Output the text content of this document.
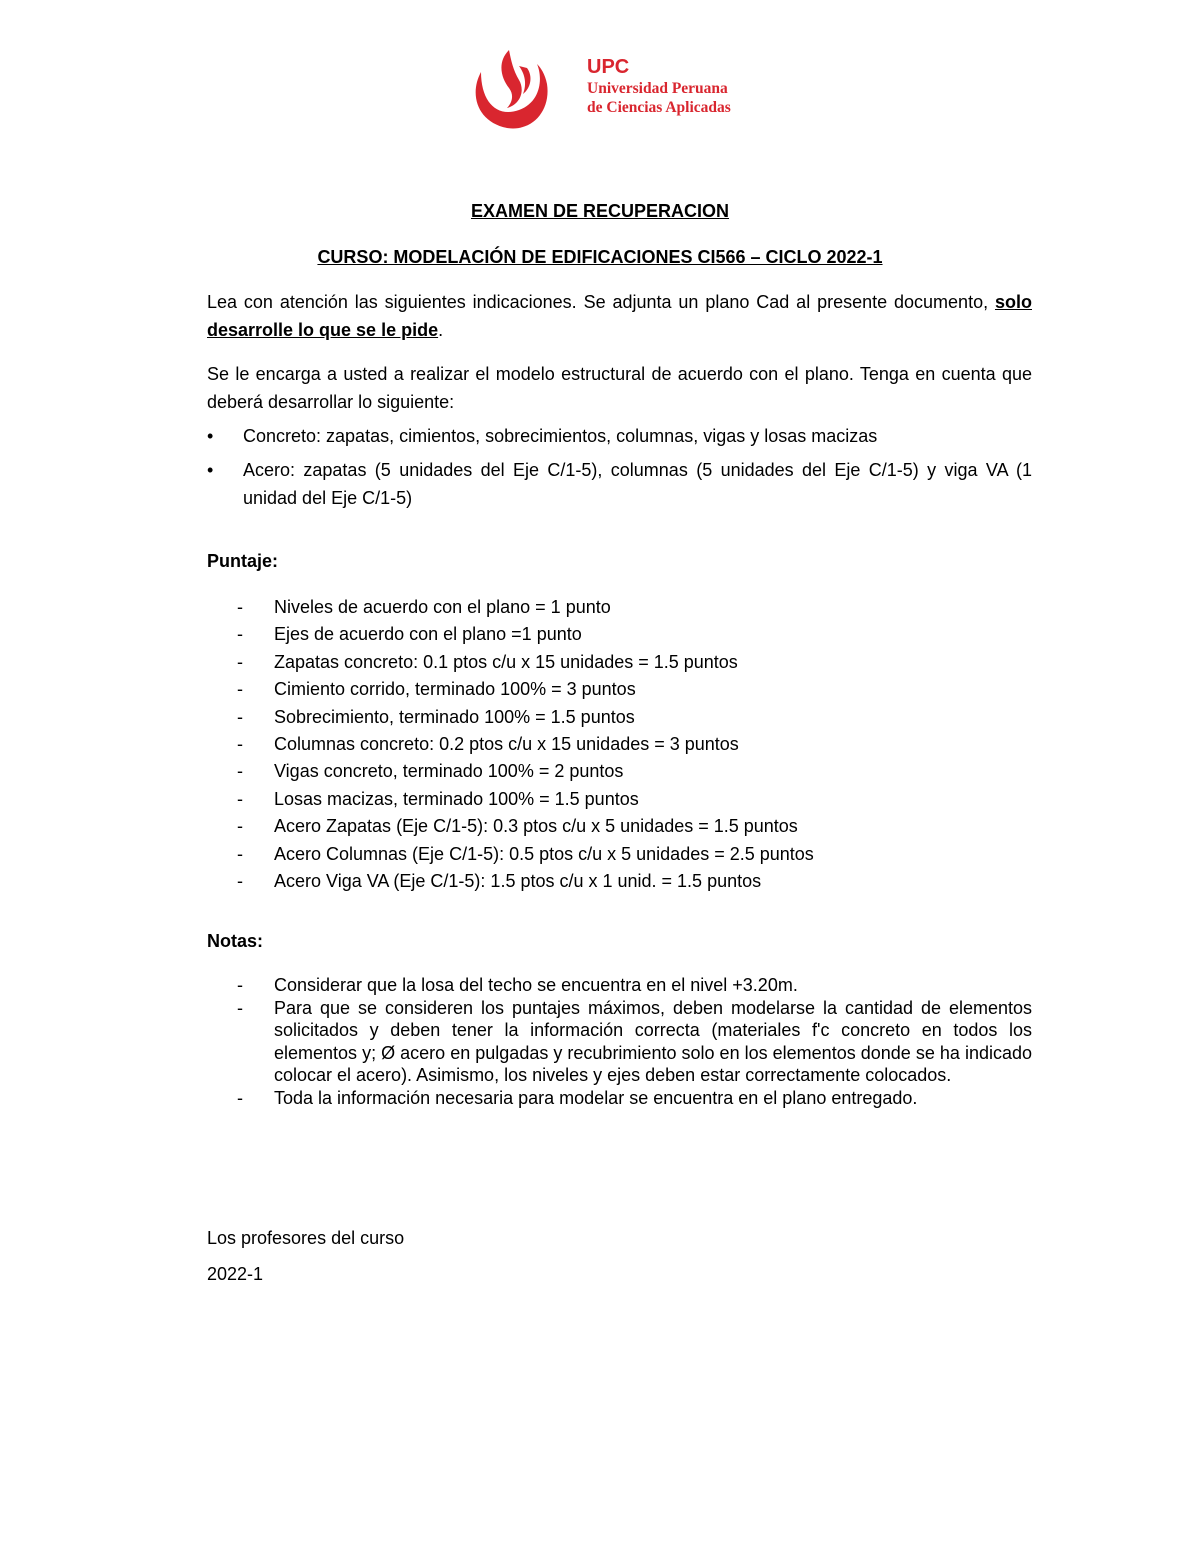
UPC
Universidad Peruana
de Ciencias Aplicadas
EXAMEN DE RECUPERACION
CURSO: MODELACIÓN DE EDIFICACIONES CI566 – CICLO 2022-1
Lea con atención las siguientes indicaciones. Se adjunta un plano Cad al presente documento, solo desarrolle lo que se le pide.
Se le encarga a usted a realizar el modelo estructural de acuerdo con el plano. Tenga en cuenta que deberá desarrollar lo siguiente:
• Concreto: zapatas, cimientos, sobrecimientos, columnas, vigas y losas macizas
• Acero: zapatas (5 unidades del Eje C/1-5), columnas (5 unidades del Eje C/1-5) y viga VA (1 unidad del Eje C/1-5)
Puntaje:
- Niveles de acuerdo con el plano = 1 punto
- Ejes de acuerdo con el plano =1 punto
- Zapatas concreto: 0.1 ptos c/u x 15 unidades = 1.5 puntos
- Cimiento corrido, terminado 100% = 3 puntos
- Sobrecimiento, terminado 100% = 1.5 puntos
- Columnas concreto: 0.2 ptos c/u x 15 unidades = 3 puntos
- Vigas concreto, terminado 100% = 2 puntos
- Losas macizas, terminado 100% = 1.5 puntos
- Acero Zapatas (Eje C/1-5): 0.3 ptos c/u x 5 unidades = 1.5 puntos
- Acero Columnas (Eje C/1-5): 0.5 ptos c/u x 5 unidades = 2.5 puntos
- Acero Viga VA (Eje C/1-5): 1.5 ptos c/u x 1 unid. = 1.5 puntos
Notas:
- Considerar que la losa del techo se encuentra en el nivel +3.20m.
- Para que se consideren los puntajes máximos, deben modelarse la cantidad de elementos solicitados y deben tener la información correcta (materiales f'c concreto en todos los elementos y; Ø acero en pulgadas y recubrimiento solo en los elementos donde se ha indicado colocar el acero). Asimismo, los niveles y ejes deben estar correctamente colocados.
- Toda la información necesaria para modelar se encuentra en el plano entregado.
Los profesores del curso
2022-1
